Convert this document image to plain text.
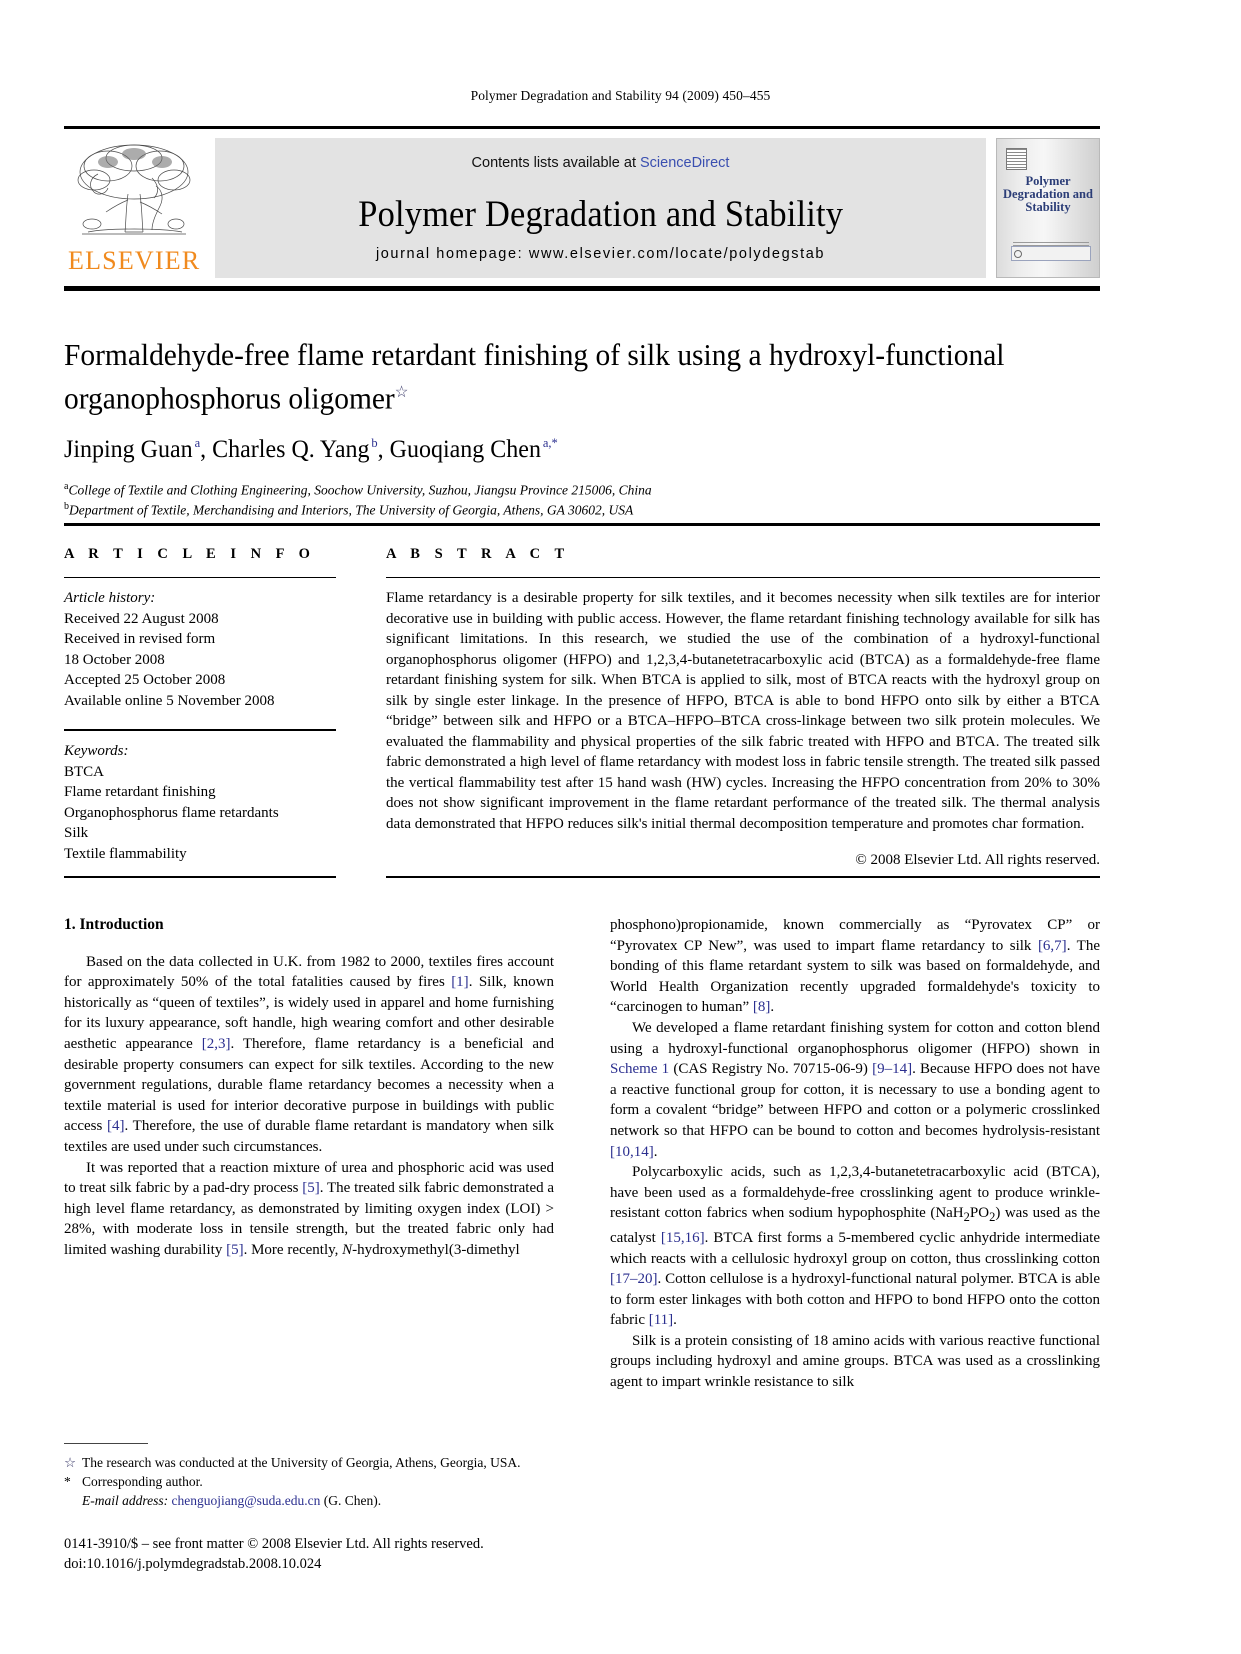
Polymer Degradation and Stability 94 (2009) 450–455
ELSEVIER
Contents lists available at ScienceDirect
Polymer Degradation and Stability
journal homepage: www.elsevier.com/locate/polydegstab
Polymer Degradation and Stability
Formaldehyde-free flame retardant finishing of silk using a hydroxyl-functional organophosphorus oligomer☆
Jinping Guan $^a$, Charles Q. Yang $^b$, Guoqiang Chen $^{a,*}$
$^a$College of Textile and Clothing Engineering, Soochow University, Suzhou, Jiangsu Province 215006, China
$^b$Department of Textile, Merchandising and Interiors, The University of Georgia, Athens, GA 30602, USA
A R T I C L E I N F O
Article history:
Received 22 August 2008
Received in revised form
18 October 2008
Accepted 25 October 2008
Available online 5 November 2008
Keywords:
BTCA
Flame retardant finishing
Organophosphorus flame retardants
Silk
Textile flammability
A B S T R A C T
Flame retardancy is a desirable property for silk textiles, and it becomes necessity when silk textiles are for interior decorative use in building with public access. However, the flame retardant finishing technology available for silk has significant limitations. In this research, we studied the use of the combination of a hydroxyl-functional organophosphorus oligomer (HFPO) and 1,2,3,4-butanetetracarboxylic acid (BTCA) as a formaldehyde-free flame retardant finishing system for silk. When BTCA is applied to silk, most of BTCA reacts with the hydroxyl group on silk by single ester linkage. In the presence of HFPO, BTCA is able to bond HFPO onto silk by either a BTCA “bridge” between silk and HFPO or a BTCA–HFPO–BTCA cross-linkage between two silk protein molecules. We evaluated the flammability and physical properties of the silk fabric treated with HFPO and BTCA. The treated silk fabric demonstrated a high level of flame retardancy with modest loss in fabric tensile strength. The treated silk passed the vertical flammability test after 15 hand wash (HW) cycles. Increasing the HFPO concentration from 20% to 30% does not show significant improvement in the flame retardant performance of the treated silk. The thermal analysis data demonstrated that HFPO reduces silk's initial thermal decomposition temperature and promotes char formation.
© 2008 Elsevier Ltd. All rights reserved.
1. Introduction

Based on the data collected in U.K. from 1982 to 2000, textiles fires account for approximately 50% of the total fatalities caused by fires [1]. Silk, known historically as “queen of textiles”, is widely used in apparel and home furnishing for its luxury appearance, soft handle, high wearing comfort and other desirable aesthetic appearance [2,3]. Therefore, flame retardancy is a beneficial and desirable property consumers can expect for silk textiles. According to the new government regulations, durable flame retardancy becomes a necessity when a textile material is used for interior decorative purpose in buildings with public access [4]. Therefore, the use of durable flame retardant is mandatory when silk textiles are used under such circumstances.

It was reported that a reaction mixture of urea and phosphoric acid was used to treat silk fabric by a pad-dry process [5]. The treated silk fabric demonstrated a high level flame retardancy, as demonstrated by limiting oxygen index (LOI) > 28%, with moderate loss in tensile strength, but the treated fabric only had limited washing durability [5]. More recently, N-hydroxymethyl(3-dimethyl

phosphono)propionamide, known commercially as “Pyrovatex CP” or “Pyrovatex CP New”, was used to impart flame retardancy to silk [6,7]. The bonding of this flame retardant system to silk was based on formaldehyde, and World Health Organization recently upgraded formaldehyde's toxicity to “carcinogen to human” [8].

We developed a flame retardant finishing system for cotton and cotton blend using a hydroxyl-functional organophosphorus oligomer (HFPO) shown in Scheme 1 (CAS Registry No. 70715-06-9) [9–14]. Because HFPO does not have a reactive functional group for cotton, it is necessary to use a bonding agent to form a covalent “bridge” between HFPO and cotton or a polymeric crosslinked network so that HFPO can be bound to cotton and becomes hydrolysis-resistant [10,14].

Polycarboxylic acids, such as 1,2,3,4-butanetetracarboxylic acid (BTCA), have been used as a formaldehyde-free crosslinking agent to produce wrinkle-resistant cotton fabrics when sodium hypophosphite $(NaH_2PO_2)$ was used as the catalyst [15,16]. BTCA first forms a 5-membered cyclic anhydride intermediate which reacts with a cellulosic hydroxyl group on cotton, thus crosslinking cotton [17–20]. Cotton cellulose is a hydroxyl-functional natural polymer. BTCA is able to form ester linkages with both cotton and HFPO to bond HFPO onto the cotton fabric [11].

Silk is a protein consisting of 18 amino acids with various reactive functional groups including hydroxyl and amine groups. BTCA was used as a crosslinking agent to impart wrinkle resistance to silk

☆ The research was conducted at the University of Georgia, Athens, Georgia, USA.
* Corresponding author.
E-mail address: chenguojiang@suda.edu.cn (G. Chen).
0141-3910/$ – see front matter © 2008 Elsevier Ltd. All rights reserved.
doi:10.1016/j.polymdegradstab.2008.10.024
